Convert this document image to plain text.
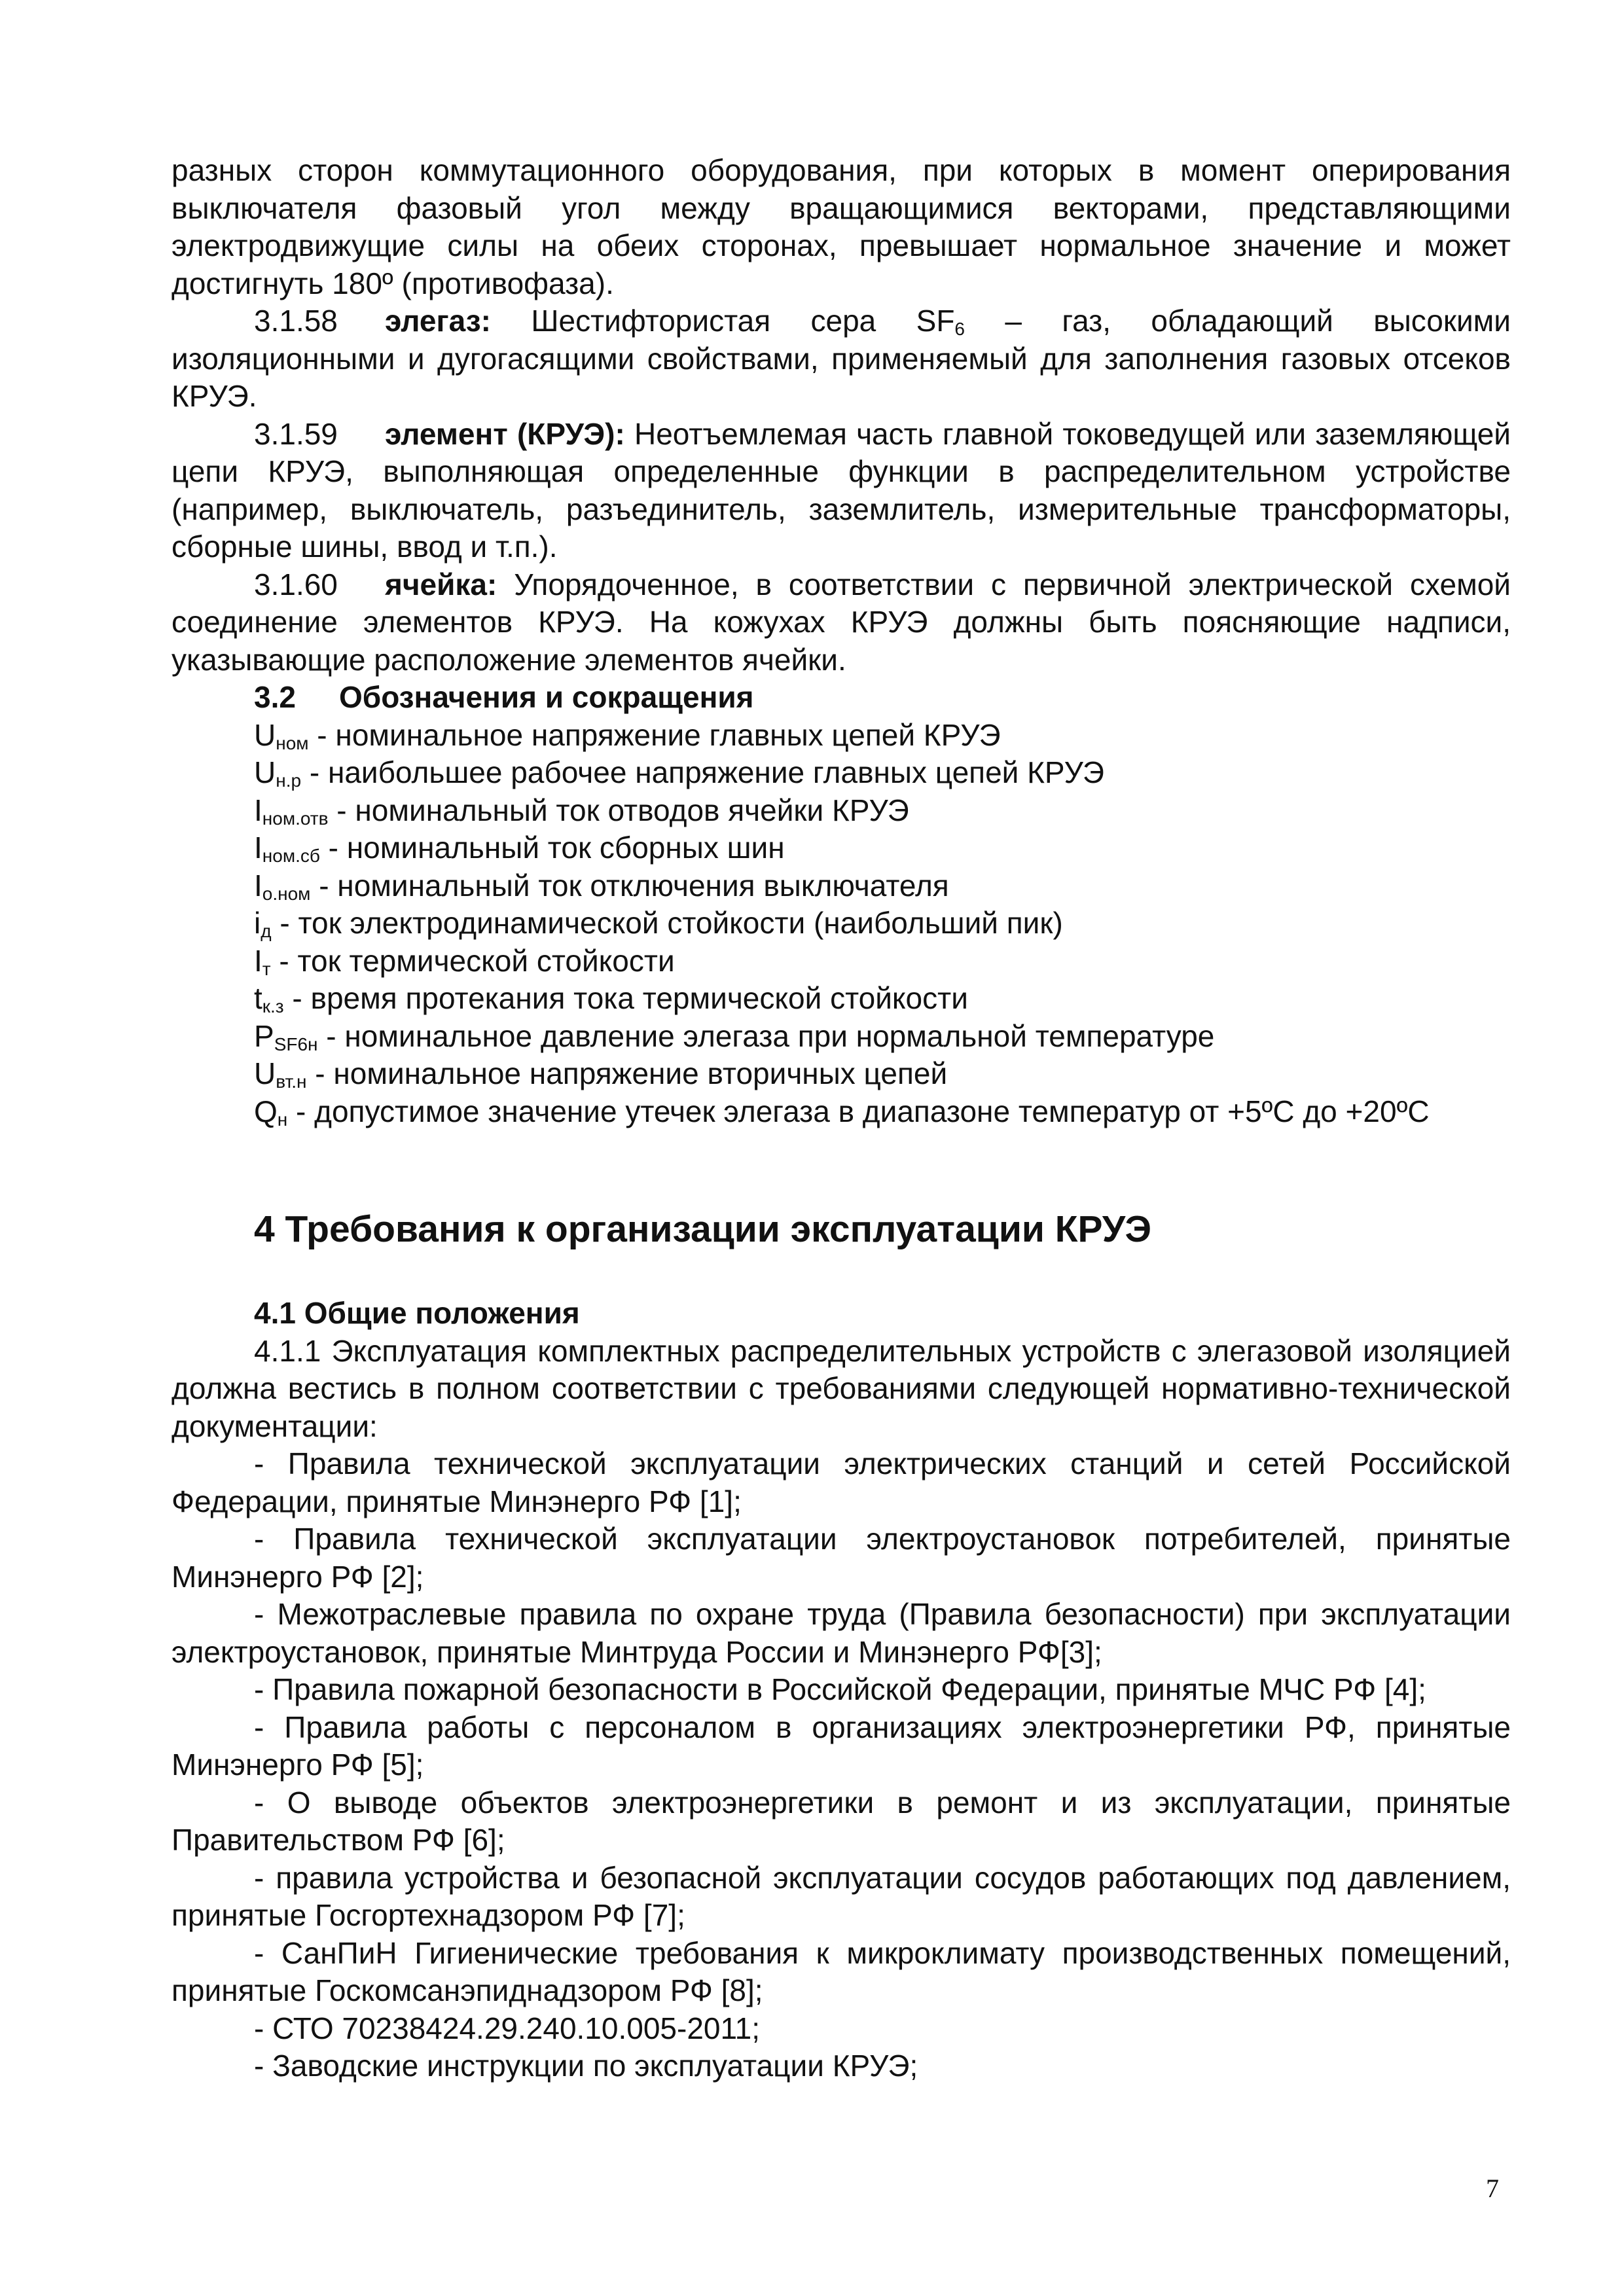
разных сторон коммутационного оборудования, при которых в момент оперирования выключателя фазовый угол между вращающимися векторами, представляющими электродвижущие силы на обеих сторонах, превышает нормальное значение и может достигнуть 180º (противофаза).

3.1.58 элегаз: Шестифтористая сера $SF_6$ – газ, обладающий высокими изоляционными и дугогасящими свойствами, применяемый для заполнения газовых отсеков КРУЭ.

3.1.59 элемент (КРУЭ): Неотъемлемая часть главной токоведущей или заземляющей цепи КРУЭ, выполняющая определенные функции в распределительном устройстве (например, выключатель, разъединитель, заземлитель, измерительные трансформаторы, сборные шины, ввод и т.п.).

3.1.60 ячейка: Упорядоченное, в соответствии с первичной электрической схемой соединение элементов КРУЭ. На кожухах КРУЭ должны быть поясняющие надписи, указывающие расположение элементов ячейки.

3.2 Обозначения и сокращения

$U_{ном}$ - номинальное напряжение главных цепей КРУЭ

$U_{н.р}$ - наибольшее рабочее напряжение главных цепей КРУЭ

$I_{ном.отв}$ - номинальный ток отводов ячейки КРУЭ

$I_{ном.сб}$ - номинальный ток сборных шин

$I_{о.ном}$ - номинальный ток отключения выключателя

$i_д$ - ток электродинамической стойкости (наибольший пик)

$I_т$ - ток термической стойкости

$t_{к.з}$ - время протекания тока термической стойкости

$P_{SF6н}$ - номинальное давление элегаза при нормальной температуре

$U_{вт.н}$ - номинальное напряжение вторичных цепей

$Q_н$ - допустимое значение утечек элегаза в диапазоне температур от +5ºС до +20ºС

4 Требования к организации эксплуатации КРУЭ

4.1 Общие положения

4.1.1 Эксплуатация комплектных распределительных устройств с элегазовой изоляцией должна вестись в полном соответствии с требованиями следующей нормативно-технической документации:

- Правила технической эксплуатации электрических станций и сетей Российской Федерации, принятые Минэнерго РФ [1];

- Правила технической эксплуатации электроустановок потребителей, принятые Минэнерго РФ [2];

- Межотраслевые правила по охране труда (Правила безопасности) при эксплуатации электроустановок, принятые Минтруда России и Минэнерго РФ[3];

- Правила пожарной безопасности в Российской Федерации, принятые МЧС РФ [4];

- Правила работы с персоналом в организациях электроэнергетики РФ, принятые Минэнерго РФ [5];

- О выводе объектов электроэнергетики в ремонт и из эксплуатации, принятые Правительством РФ [6];

- правила устройства и безопасной эксплуатации сосудов работающих под давлением, принятые Госгортехнадзором РФ [7];

- СанПиН Гигиенические требования к микроклимату производственных помещений, принятые Госкомсанэпиднадзором РФ [8];

- СТО 70238424.29.240.10.005-2011;

- Заводские инструкции по эксплуатации КРУЭ;

7
